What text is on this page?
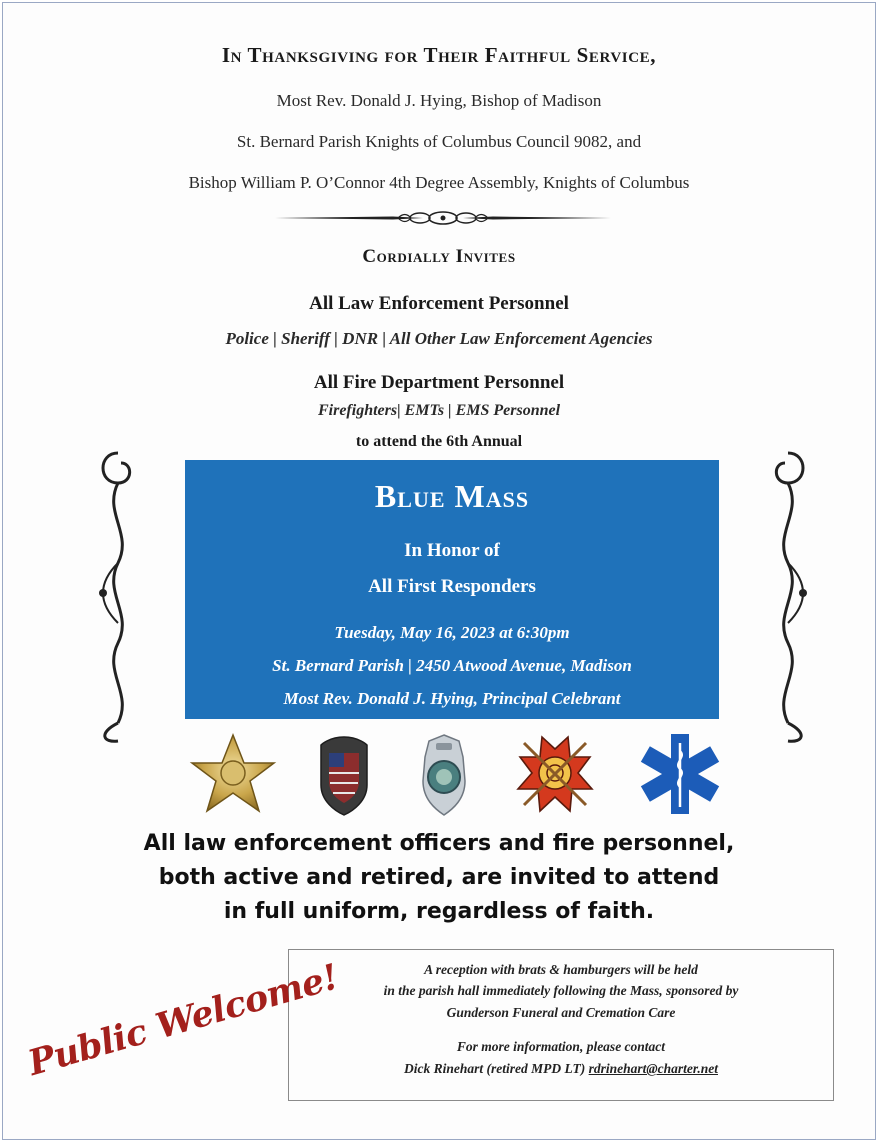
In Thanksgiving for Their Faithful Service,
Most Rev. Donald J. Hying, Bishop of Madison
St. Bernard Parish Knights of Columbus Council 9082, and
Bishop William P. O’Connor 4th Degree Assembly, Knights of Columbus
Cordially Invites
All Law Enforcement Personnel
Police | Sheriff | DNR | All Other Law Enforcement Agencies
All Fire Department Personnel
Firefighters| EMTs | EMS Personnel
to attend the 6th Annual
Blue Mass
In Honor of
All First Responders
Tuesday, May 16, 2023 at 6:30pm
St. Bernard Parish | 2450 Atwood Avenue, Madison
Most Rev. Donald J. Hying, Principal Celebrant
All law enforcement officers and fire personnel,
both active and retired, are invited to attend
in full uniform, regardless of faith.
A reception with brats & hamburgers will be held
in the parish hall immediately following the Mass, sponsored by
Gunderson Funeral and Cremation Care
For more information, please contact
Dick Rinehart (retired MPD LT) rdrinehart@charter.net
Public Welcome!
